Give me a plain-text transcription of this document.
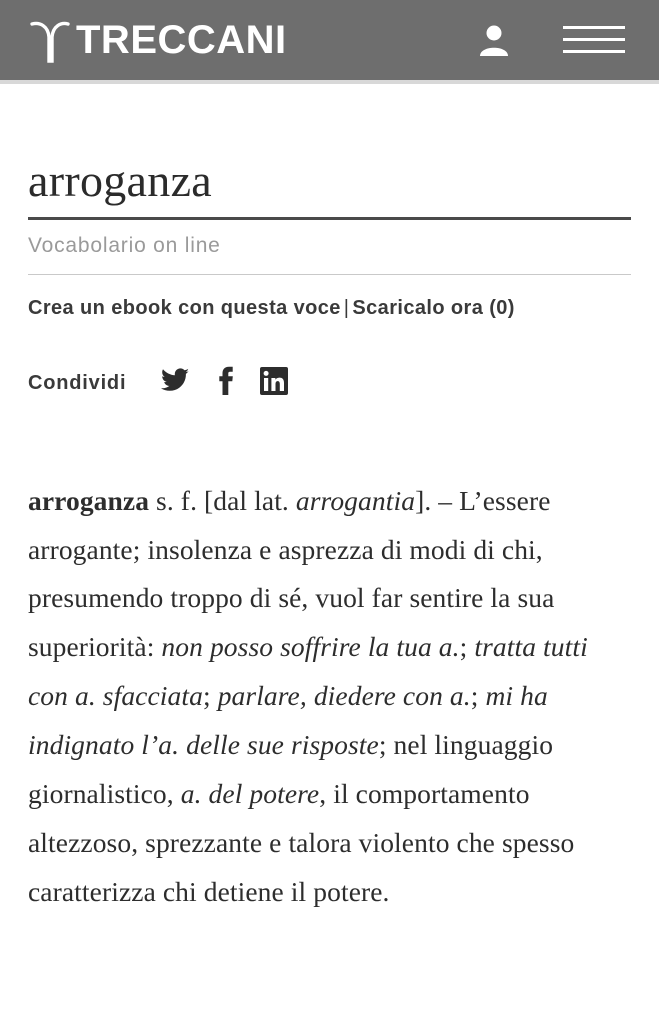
TRECCANI
arroganza
Vocabolario on line
Crea un ebook con questa voce | Scaricalo ora (0)
Condividi

arroganza s. f. [dal lat. arrogantia]. – L’essere arrogante; insolenza e asprezza di modi di chi, presumendo troppo di sé, vuol far sentire la sua superiorità: non posso soffrire la tua a.; tratta tutti con a. sfacciata; parlare, diedere con a.; mi ha indignato l’a. delle sue risposte; nel linguaggio giornalistico, a. del potere, il comportamento altezzoso, sprezzante e talora violento che spesso caratterizza chi detiene il potere.
